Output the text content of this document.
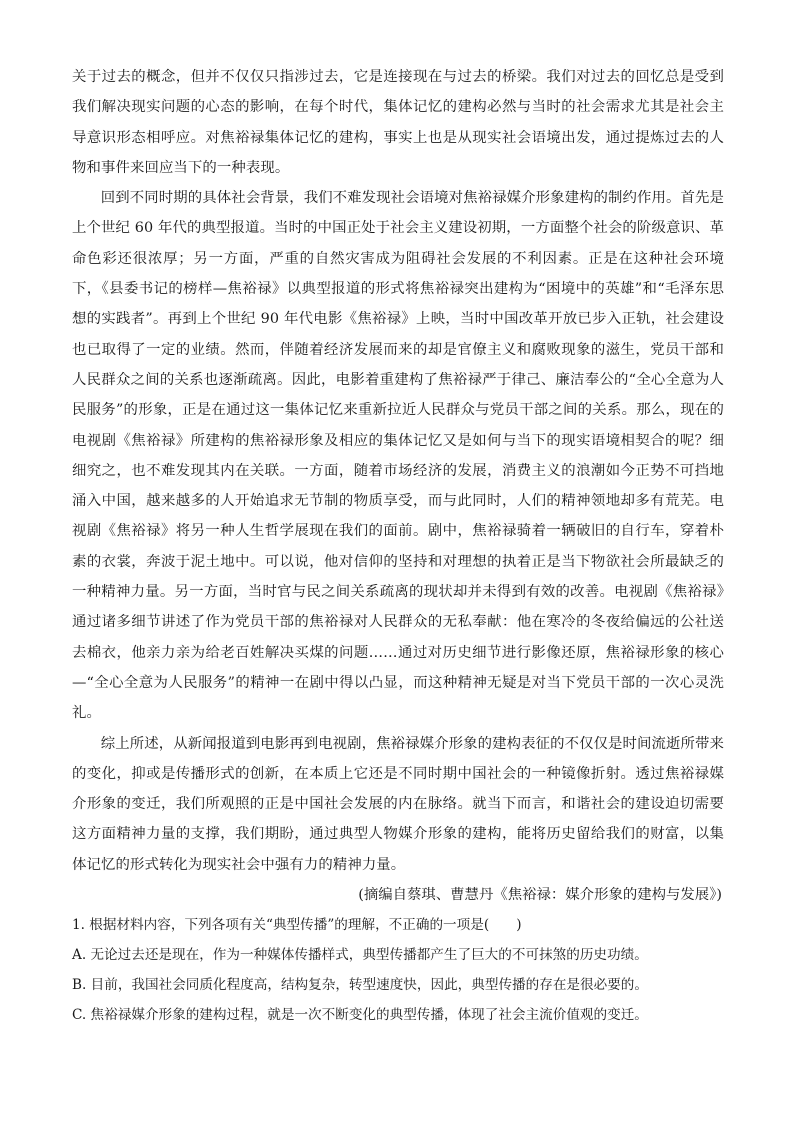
关于过去的概念，但并不仅仅只指涉过去，它是连接现在与过去的桥梁。我们对过去的回忆总是受到我们解决现实问题的心态的影响，在每个时代，集体记忆的建构必然与当时的社会需求尤其是社会主导意识形态相呼应。对焦裕禄集体记忆的建构，事实上也是从现实社会语境出发，通过提炼过去的人物和事件来回应当下的一种表现。

回到不同时期的具体社会背景，我们不难发现社会语境对焦裕禄媒介形象建构的制约作用。首先是上个世纪 60 年代的典型报道。当时的中国正处于社会主义建设初期，一方面整个社会的阶级意识、革命色彩还很浓厚；另一方面，严重的自然灾害成为阻碍社会发展的不利因素。正是在这种社会环境下，《县委书记的榜样—焦裕禄》以典型报道的形式将焦裕禄突出建构为“困境中的英雄”和“毛泽东思想的实践者”。再到上个世纪 90 年代电影《焦裕禄》上映，当时中国改革开放已步入正轨，社会建设也已取得了一定的业绩。然而，伴随着经济发展而来的却是官僚主义和腐败现象的滋生，党员干部和人民群众之间的关系也逐渐疏离。因此，电影着重建构了焦裕禄严于律己、廉洁奉公的“全心全意为人民服务”的形象，正是在通过这一集体记忆来重新拉近人民群众与党员干部之间的关系。那么，现在的电视剧《焦裕禄》所建构的焦裕禄形象及相应的集体记忆又是如何与当下的现实语境相契合的呢？细细究之，也不难发现其内在关联。一方面，随着市场经济的发展，消费主义的浪潮如今正势不可挡地涌入中国，越来越多的人开始追求无节制的物质享受，而与此同时，人们的精神领地却多有荒芜。电视剧《焦裕禄》将另一种人生哲学展现在我们的面前。剧中，焦裕禄骑着一辆破旧的自行车，穿着朴素的衣裳，奔波于泥土地中。可以说，他对信仰的坚持和对理想的执着正是当下物欲社会所最缺乏的一种精神力量。另一方面，当时官与民之间关系疏离的现状却并未得到有效的改善。电视剧《焦裕禄》通过诸多细节讲述了作为党员干部的焦裕禄对人民群众的无私奉献：他在寒冷的冬夜给偏远的公社送去棉衣，他亲力亲为给老百姓解决买煤的问题……通过对历史细节进行影像还原，焦裕禄形象的核心—“全心全意为人民服务”的精神一在剧中得以凸显，而这种精神无疑是对当下党员干部的一次心灵洗礼。

综上所述，从新闻报道到电影再到电视剧，焦裕禄媒介形象的建构表征的不仅仅是时间流逝所带来的变化，抑或是传播形式的创新，在本质上它还是不同时期中国社会的一种镜像折射。透过焦裕禄媒介形象的变迁，我们所观照的正是中国社会发展的内在脉络。就当下而言，和谐社会的建设迫切需要这方面精神力量的支撑，我们期盼，通过典型人物媒介形象的建构，能将历史留给我们的财富，以集体记忆的形式转化为现实社会中强有力的精神力量。

(摘编自蔡琪、曹慧丹《焦裕禄：媒介形象的建构与发展》)

1. 根据材料内容，下列各项有关“典型传播”的理解，不正确的一项是(　　)

A. 无论过去还是现在，作为一种媒体传播样式，典型传播都产生了巨大的不可抹煞的历史功绩。

B. 目前，我国社会同质化程度高，结构复杂，转型速度快，因此，典型传播的存在是很必要的。

C. 焦裕禄媒介形象的建构过程，就是一次不断变化的典型传播，体现了社会主流价值观的变迁。
